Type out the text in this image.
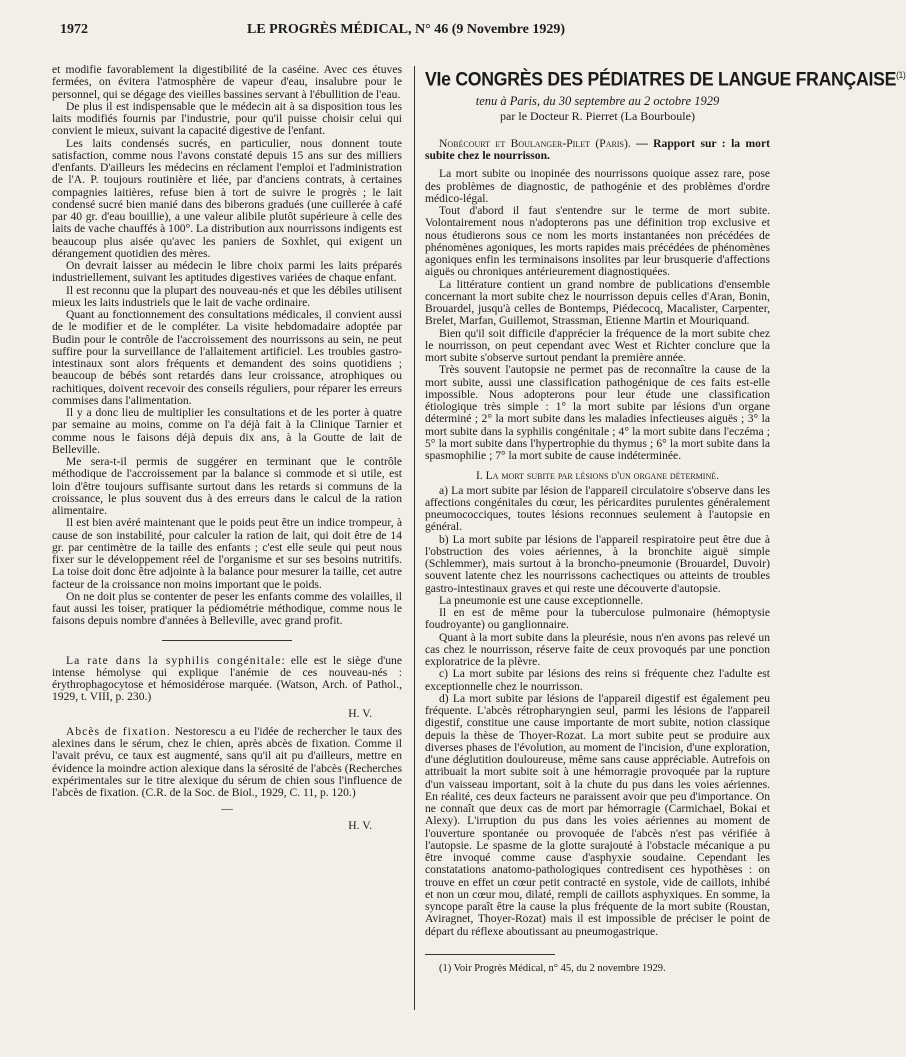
1972	LE PROGRÈS MÉDICAL, N° 46 (9 Novembre 1929)

et modifie favorablement la digestibilité de la caséine. Avec ces étuves fermées, on évitera l'atmosphère de vapeur d'eau, insalubre pour le personnel, qui se dégage des vieilles bassines servant à l'ébullition de l'eau.

De plus il est indispensable que le médecin ait à sa disposition tous les laits modifiés fournis par l'industrie, pour qu'il puisse choisir celui qui convient le mieux, suivant la capacité digestive de l'enfant.

Les laits condensés sucrés, en particulier, nous donnent toute satisfaction, comme nous l'avons constaté depuis 15 ans sur des milliers d'enfants. D'ailleurs les médecins en réclament l'emploi et l'administration de l'A. P. toujours routinière et liée, par d'anciens contrats, à certaines compagnies laitières, refuse bien à tort de suivre le progrès ; le lait condensé sucré bien manié dans des biberons gradués (une cuillerée à café par 40 gr. d'eau bouillie), a une valeur alibile plutôt supérieure à celle des laits de vache chauffés à 100°. La distribution aux nourrissons indigents est beaucoup plus aisée qu'avec les paniers de Soxhlet, qui exigent un dérangement quotidien des mères.

On devrait laisser au médecin le libre choix parmi les laits préparés industriellement, suivant les aptitudes digestives variées de chaque enfant.

Il est reconnu que la plupart des nouveau-nés et que les débiles utilisent mieux les laits industriels que le lait de vache ordinaire.

Quant au fonctionnement des consultations médicales, il convient aussi de le modifier et de le compléter. La visite hebdomadaire adoptée par Budin pour le contrôle de l'accroissement des nourrissons au sein, ne peut suffire pour la surveillance de l'allaitement artificiel. Les troubles gastro-intestinaux sont alors fréquents et demandent des soins quotidiens ; beaucoup de bébés sont retardés dans leur croissance, atrophiques ou rachitiques, doivent recevoir des conseils réguliers, pour réparer les erreurs commises dans l'alimentation.

Il y a donc lieu de multiplier les consultations et de les porter à quatre par semaine au moins, comme on l'a déjà fait à la Clinique Tarnier et comme nous le faisons déjà depuis dix ans, à la Goutte de lait de Belleville.

Me sera-t-il permis de suggérer en terminant que le contrôle méthodique de l'accroissement par la balance si commode et si utile, est loin d'être toujours suffisante surtout dans les retards si communs de la croissance, le plus souvent dus à des erreurs dans le calcul de la ration alimentaire.

Il est bien avéré maintenant que le poids peut être un indice trompeur, à cause de son instabilité, pour calculer la ration de lait, qui doit être de 14 gr. par centimètre de la taille des enfants ; c'est elle seule qui peut nous fixer sur le développement réel de l'organisme et sur ses besoins nutritifs. La toise doit donc être adjointe à la balance pour mesurer la taille, cet autre facteur de la croissance non moins important que le poids.

On ne doit plus se contenter de peser les enfants comme des volailles, il faut aussi les toiser, pratiquer la pédiométrie méthodique, comme nous le faisons depuis nombre d'années à Belleville, avec grand profit.

La rate dans la syphilis congénitale: elle est le siège d'une intense hémolyse qui explique l'anémie de ces nouveau-nés : érythrophagocytose et hémosidérose marquée. (Watson, Arch. of Pathol., 1929, t. VIII, p. 230.)

H. V.

Abcès de fixation. Nestorescu a eu l'idée de rechercher le taux des alexines dans le sérum, chez le chien, après abcès de fixation. Comme il l'avait prévu, ce taux est augmenté, sans qu'il ait pu d'ailleurs, mettre en évidence la moindre action alexique dans la sérosité de l'abcès (Recherches expérimentales sur le titre alexique du sérum de chien sous l'influence de l'abcès de fixation. (C.R. de la Soc. de Biol., 1929, C. 11, p. 120.)

—
H. V.
VIe CONGRÈS DES PÉDIATRES DE LANGUE FRANÇAISE$^{(1)}$
tenu à Paris, du 30 septembre au 2 octobre 1929
par le Docteur R. Pierret (La Bourboule)

Nobécourt et Boulanger-Pilet (Paris). — Rapport sur : la mort subite chez le nourrisson.

La mort subite ou inopinée des nourrissons quoique assez rare, pose des problèmes de diagnostic, de pathogénie et des problèmes d'ordre médico-légal.

Tout d'abord il faut s'entendre sur le terme de mort subite. Volontairement nous n'adopterons pas une définition trop exclusive et nous étudierons sous ce nom les morts instantanées non précédées de phénomènes agoniques, les morts rapides mais précédées de phénomènes agoniques enfin les terminaisons insolites par leur brusquerie d'affections aiguës ou chroniques antérieurement diagnostiquées.

La littérature contient un grand nombre de publications d'ensemble concernant la mort subite chez le nourrisson depuis celles d'Aran, Bonin, Brouardel, jusqu'à celles de Bontemps, Piédecocq, Macalister, Carpenter, Brelet, Marfan, Guillemot, Strassman, Etienne Martin et Mouriquand.

Bien qu'il soit difficile d'apprécier la fréquence de la mort subite chez le nourrisson, on peut cependant avec West et Richter conclure que la mort subite s'observe surtout pendant la première année.

Très souvent l'autopsie ne permet pas de reconnaître la cause de la mort subite, aussi une classification pathogénique de ces faits est-elle impossible. Nous adopterons pour leur étude une classification étiologique très simple : 1° la mort subite par lésions d'un organe déterminé ; 2° la mort subite dans les maladies infectieuses aiguës ; 3° la mort subite dans la syphilis congénitale ; 4° la mort subite dans l'eczéma ; 5° la mort subite dans l'hypertrophie du thymus ; 6° la mort subite dans la spasmophilie ; 7° la mort subite de cause indéterminée.

I. La mort subite par lésions d'un organe déterminé.

a) La mort subite par lésion de l'appareil circulatoire s'observe dans les affections congénitales du cœur, les péricardites purulentes généralement pneumococciques, toutes lésions reconnues seulement à l'autopsie en général.

b) La mort subite par lésions de l'appareil respiratoire peut être due à l'obstruction des voies aériennes, à la bronchite aiguë simple (Schlemmer), mais surtout à la broncho-pneumonie (Brouardel, Duvoir) souvent latente chez les nourrissons cachectiques ou atteints de troubles gastro-intestinaux graves et qui reste une découverte d'autopsie.

La pneumonie est une cause exceptionnelle.

Il en est de même pour la tuberculose pulmonaire (hémoptysie foudroyante) ou ganglionnaire.

Quant à la mort subite dans la pleurésie, nous n'en avons pas relevé un cas chez le nourrisson, réserve faite de ceux provoqués par une ponction exploratrice de la plèvre.

c) La mort subite par lésions des reins si fréquente chez l'adulte est exceptionnelle chez le nourrisson.

d) La mort subite par lésions de l'appareil digestif est également peu fréquente. L'abcès rétropharyngien seul, parmi les lésions de l'appareil digestif, constitue une cause importante de mort subite, notion classique depuis la thèse de Thoyer-Rozat. La mort subite peut se produire aux diverses phases de l'évolution, au moment de l'incision, d'une exploration, d'une déglutition douloureuse, même sans cause appréciable. Autrefois on attribuait la mort subite soit à une hémorragie provoquée par la rupture d'un vaisseau important, soit à la chute du pus dans les voies aériennes. En réalité, ces deux facteurs ne paraissent avoir que peu d'importance. On ne connaît que deux cas de mort par hémorragie (Carmichael, Bokai et Alexy). L'irruption du pus dans les voies aériennes au moment de l'ouverture spontanée ou provoquée de l'abcès n'est pas vérifiée à l'autopsie. Le spasme de la glotte surajouté à l'obstacle mécanique a pu être invoqué comme cause d'asphyxie soudaine. Cependant les constatations anatomo-pathologiques contredisent ces hypothèses : on trouve en effet un cœur petit contracté en systole, vide de caillots, inhibé et non un cœur mou, dilaté, rempli de caillots asphyxiques. En somme, la syncope paraît être la cause la plus fréquente de la mort subite (Roustan, Aviragnet, Thoyer-Rozat) mais il est impossible de préciser le point de départ du réflexe aboutissant au pneumogastrique.

(1) Voir Progrès Médical, n° 45, du 2 novembre 1929.
